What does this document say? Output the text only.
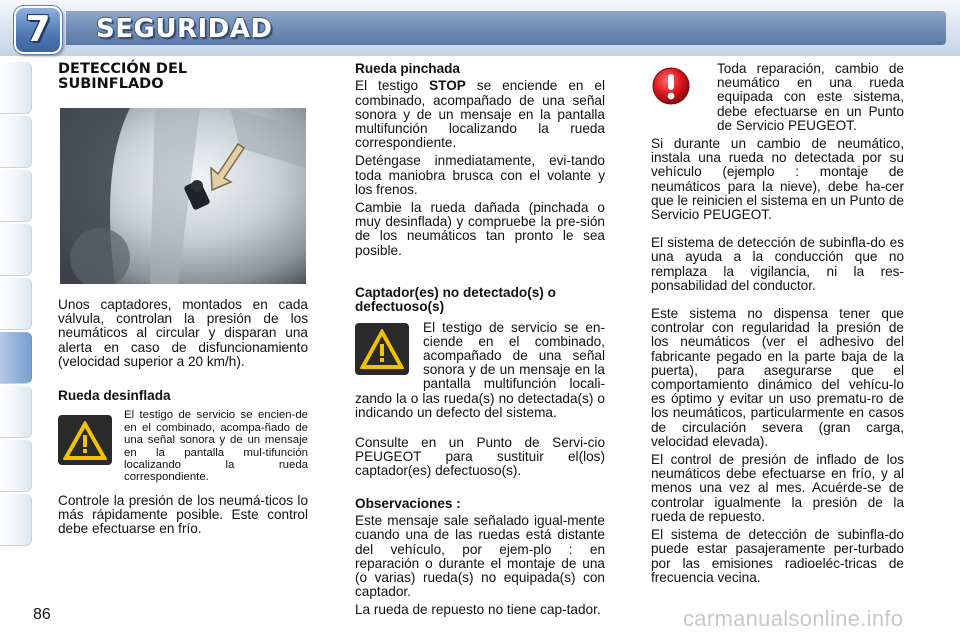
SEGURIDAD
7
DETECCIÓN DEL SUBINFLADO

Unos captadores, montados en cada válvula, controlan la presión de los neumáticos al circular y disparan una alerta en caso de disfuncionamiento (velocidad superior a 20 km/h).

Rueda desinflada

El testigo de servicio se encien-de en el combinado, acompa-ñado de una señal sonora y de un mensaje en la pantalla mul-tifunción localizando la rueda correspondiente.

Controle la presión de los neumá-ticos lo más rápidamente posible. Este control debe efectuarse en frío.

Rueda pinchada

El testigo STOP se enciende en el combinado, acompañado de una señal sonora y de un mensaje en la pantalla multifunción localizando la rueda correspondiente.

Deténgase inmediatamente, evi-tando toda maniobra brusca con el volante y los frenos.

Cambie la rueda dañada (pinchada o muy desinflada) y compruebe la pre-sión de los neumáticos tan pronto le sea posible.

Captador(es) no detectado(s) o defectuoso(s)

El testigo de servicio se en-ciende en el combinado, acompañado de una señal sonora y de un mensaje en la pantalla multifunción locali-zando la o las rueda(s) no detectada(s) o indicando un defecto del sistema.

Consulte en un Punto de Servi-cio PEUGEOT para sustituir el(los) captador(es) defectuoso(s).

Observaciones :

Este mensaje sale señalado igual-mente cuando una de las ruedas está distante del vehículo, por ejem-plo : en reparación o durante el montaje de una (o varias) rueda(s) no equipada(s) con captador.

La rueda de repuesto no tiene cap-tador.

Toda reparación, cambio de neumático en una rueda equipada con este sistema, debe efectuarse en un Punto de Servicio PEUGEOT.

Si durante un cambio de neumático, instala una rueda no detectada por su vehículo (ejemplo : montaje de neumáticos para la nieve), debe ha-cer que le reinicien el sistema en un Punto de Servicio PEUGEOT.

El sistema de detección de subinfla-do es una ayuda a la conducción que no remplaza la vigilancia, ni la res-ponsabilidad del conductor.

Este sistema no dispensa tener que controlar con regularidad la presión de los neumáticos (ver el adhesivo del fabricante pegado en la parte baja de la puerta), para asegurarse que el comportamiento dinámico del vehícu-lo es óptimo y evitar un uso prematu-ro de los neumáticos, particularmente en casos de circulación severa (gran carga, velocidad elevada).

El control de presión de inflado de los neumáticos debe efectuarse en frío, y al menos una vez al mes. Acuérde-se de controlar igualmente la presión de la rueda de repuesto.

El sistema de detección de subinfla-do puede estar pasajeramente per-turbado por las emisiones radioeléc-tricas de frecuencia vecina.

86	carmanualsonline.info
